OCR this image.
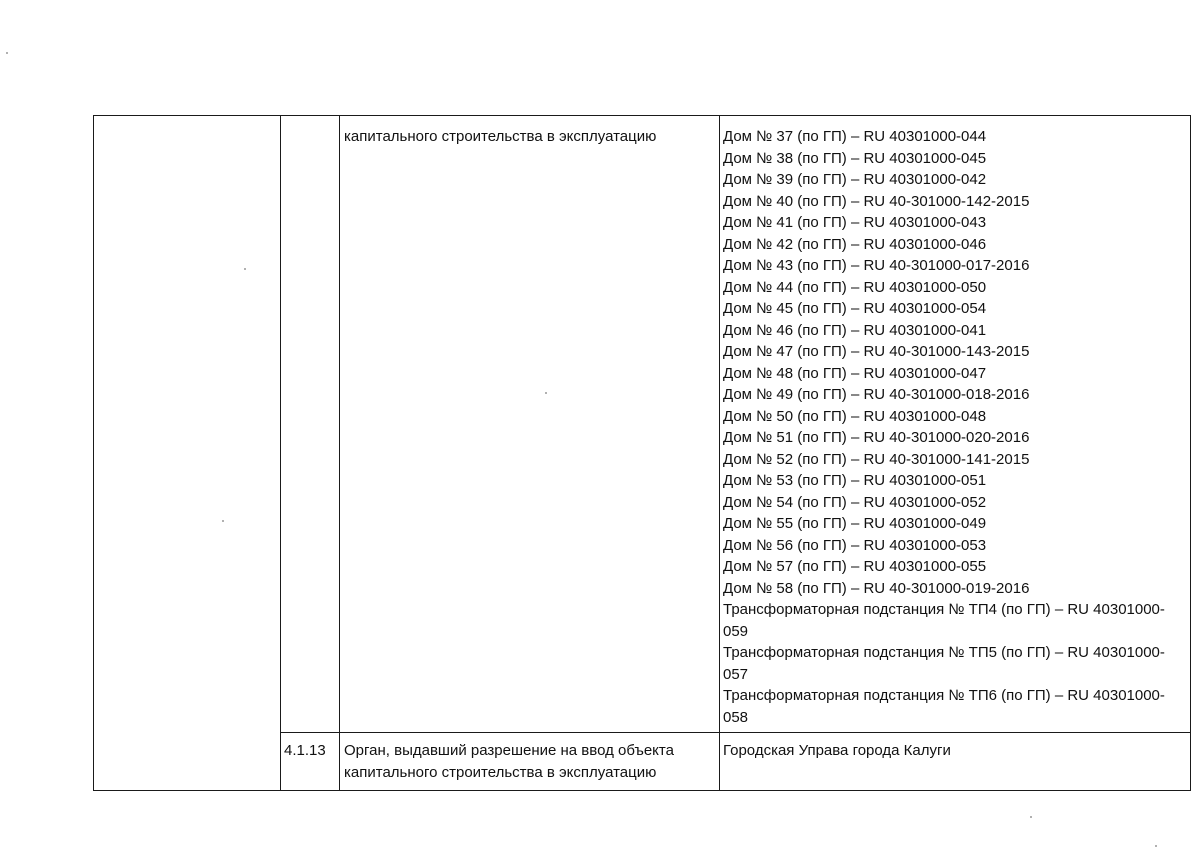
капитального строительства в эксплуатацию	Дом № 37 (по ГП) – RU 40301000-044
Дом № 38 (по ГП) – RU 40301000-045
Дом № 39 (по ГП) – RU 40301000-042
Дом № 40 (по ГП) – RU 40-301000-142-2015
Дом № 41 (по ГП) – RU 40301000-043
Дом № 42 (по ГП) – RU 40301000-046
Дом № 43 (по ГП) – RU 40-301000-017-2016
Дом № 44 (по ГП) – RU 40301000-050
Дом № 45 (по ГП) – RU 40301000-054
Дом № 46 (по ГП) – RU 40301000-041
Дом № 47 (по ГП) – RU 40-301000-143-2015
Дом № 48 (по ГП) – RU 40301000-047
Дом № 49 (по ГП) – RU 40-301000-018-2016
Дом № 50 (по ГП) – RU 40301000-048
Дом № 51 (по ГП) – RU 40-301000-020-2016
Дом № 52 (по ГП) – RU 40-301000-141-2015
Дом № 53 (по ГП) – RU 40301000-051
Дом № 54 (по ГП) – RU 40301000-052
Дом № 55 (по ГП) – RU 40301000-049
Дом № 56 (по ГП) – RU 40301000-053
Дом № 57 (по ГП) – RU 40301000-055
Дом № 58 (по ГП) – RU 40-301000-019-2016
Трансформаторная подстанция № ТП4 (по ГП) – RU 40301000-059
Трансформаторная подстанция № ТП5 (по ГП) – RU 40301000-057
Трансформаторная подстанция № ТП6 (по ГП) – RU 40301000-058
4.1.13 Орган, выдавший разрешение на ввод объекта капитального строительства в эксплуатацию
Городская Управа города Калуги
